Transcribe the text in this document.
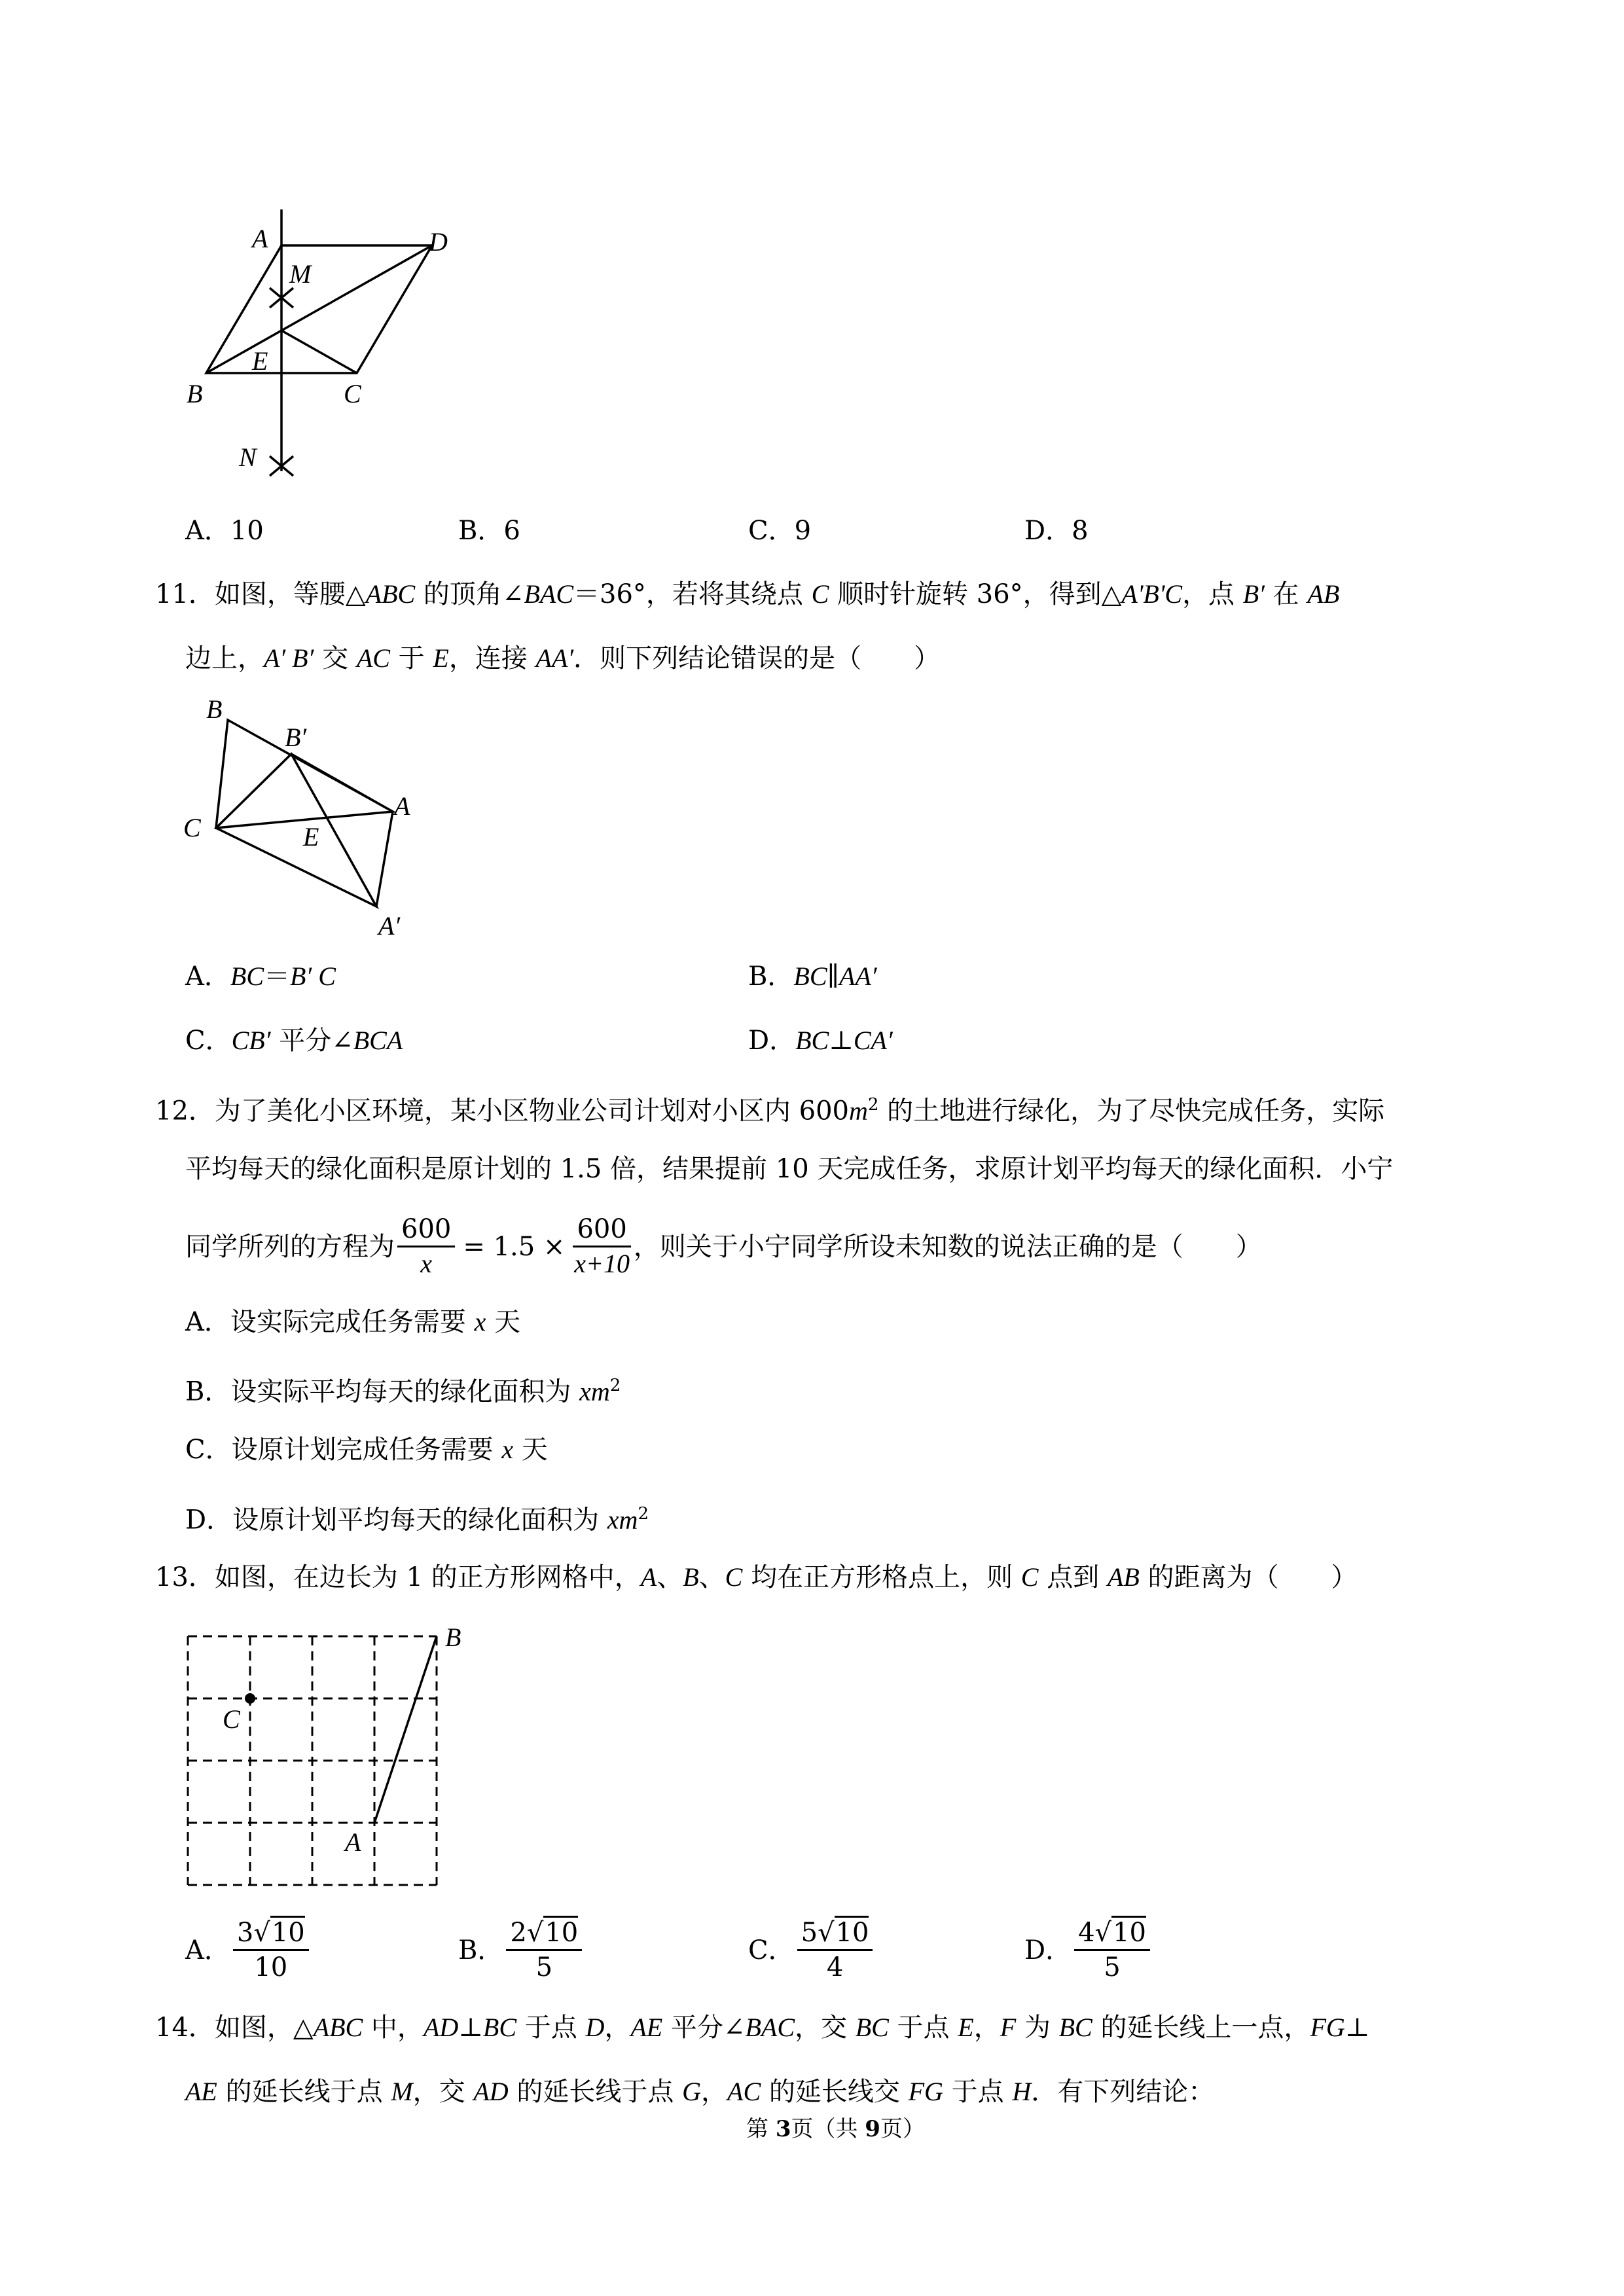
A	D
M
E
B	C
N
A．10	B．6	C．9	D．8
11．如图，等腰△ABC 的顶角∠BAC＝36°，若将其绕点 C 顺时针旋转 36°，得到△A'B'C，点 B′ 在 AB
边上，A′ B′ 交 AC 于 E，连接 AA′．则下列结论错误的是（　　）
B
B′
C
A
E
A′
A．BC＝B′ C	B．BC∥AA′
C．CB′ 平分∠BCA	D．BC⊥CA′
12．为了美化小区环境，某小区物业公司计划对小区内 $600m^2$ 的土地进行绿化，为了尽快完成任务，实际
平均每天的绿化面积是原计划的 1.5 倍，结果提前 10 天完成任务，求原计划平均每天的绿化面积．小宁
同学所列的方程为 $\frac{600}{x} = 1.5 \times \frac{600}{x+10}$ ，则关于小宁同学所设未知数的说法正确的是（　　）
A．设实际完成任务需要 x 天
B．设实际平均每天的绿化面积为 $xm^2$
C．设原计划完成任务需要 x 天
D．设原计划平均每天的绿化面积为 $xm^2$
13．如图，在边长为 1 的正方形网格中，A、B、C 均在正方形格点上，则 C 点到 AB 的距离为（　　）
B
C
A
A． $\frac{3√10}{10}$	B． $\frac{2√10}{5}$	C． $\frac{5√10}{4}$	D． $\frac{4√10}{5}$
14．如图，△ABC 中，AD⊥BC 于点 D，AE 平分∠BAC，交 BC 于点 E，F 为 BC 的延长线上一点，FG⊥
AE 的延长线于点 M，交 AD 的延长线于点 G，AC 的延长线交 FG 于点 H．有下列结论：
第 3页（共 9页）
